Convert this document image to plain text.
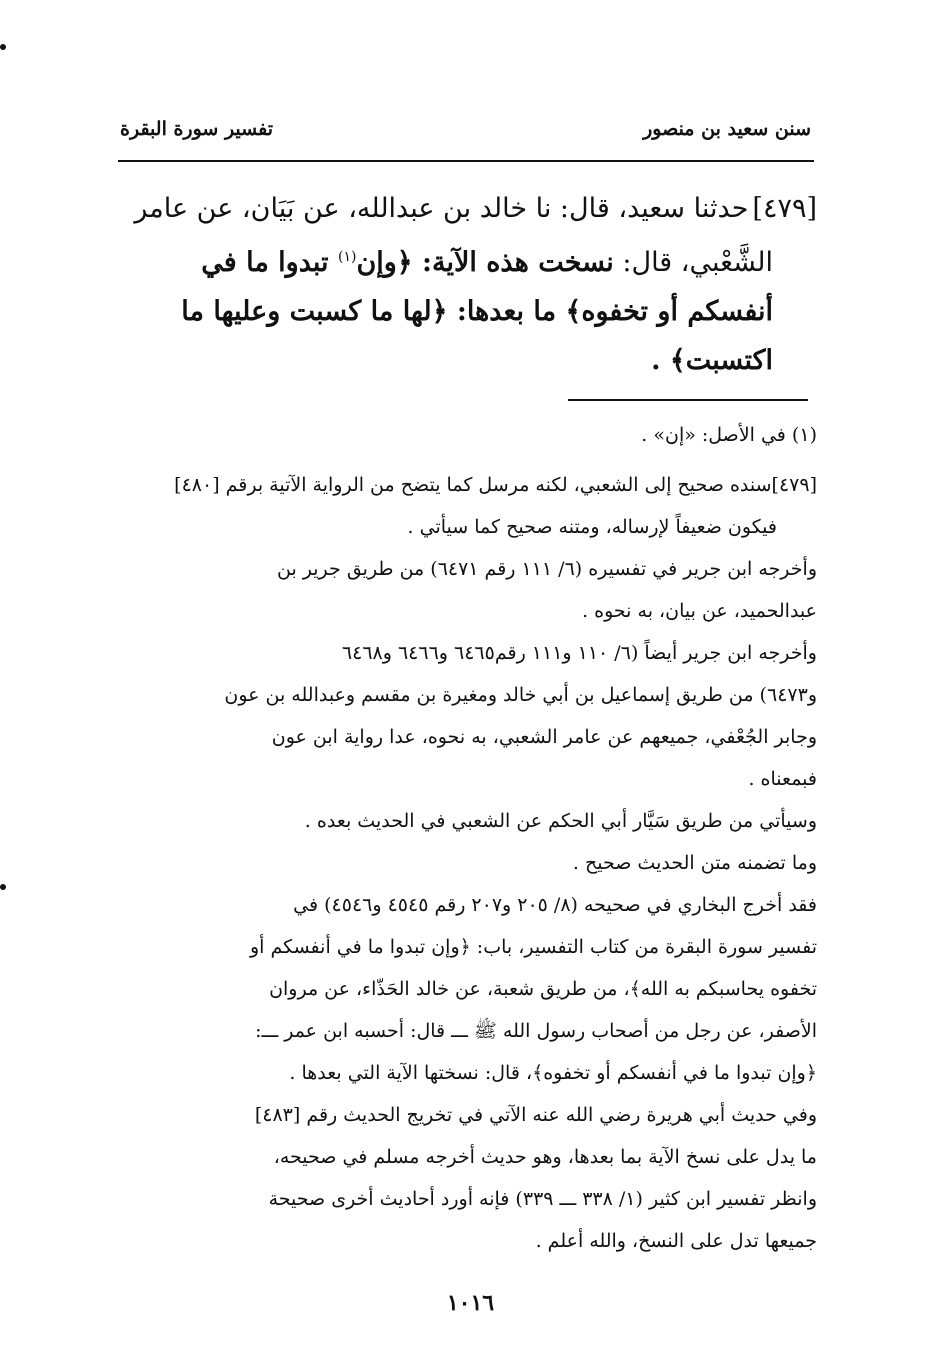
سنن سعيد بن منصور
تفسير سورة البقرة
[٤٧٩]حدثنا سعيد، قال: نا خالد بن عبدالله، عن بَيَان، عن عامر
الشَّعْبي، قال: نسخت هذه الآية: ﴿وإن$^{(١)}$ تبدوا ما في
أنفسكم أو تخفوه﴾ ما بعدها: ﴿لها ما كسبت وعليها ما
اكتسبت﴾ .
(١) في الأصل: «إن» .

[٤٧٩]سنده صحيح إلى الشعبي، لكنه مرسل كما يتضح من الرواية الآتية برقم [٤٨٠]

فيكون ضعيفاً لإرساله، ومتنه صحيح كما سيأتي .

وأخرجه ابن جرير في تفسيره (٦/ ١١١ رقم ٦٤٧١) من طريق جرير بن

عبدالحميد، عن بيان، به نحوه .

وأخرجه ابن جرير أيضاً (٦/ ١١٠ و١١١ رقم٦٤٦٥ و٦٤٦٦ و٦٤٦٨

و٦٤٧٣) من طريق إسماعيل بن أبي خالد ومغيرة بن مقسم وعبدالله بن عون

وجابر الجُعْفي، جميعهم عن عامر الشعبي، به نحوه، عدا رواية ابن عون

فبمعناه .

وسيأتي من طريق سَيَّار أبي الحكم عن الشعبي في الحديث بعده .

وما تضمنه متن الحديث صحيح .

فقد أخرج البخاري في صحيحه (٨/ ٢٠٥ و٢٠٧ رقم ٤٥٤٥ و٤٥٤٦) في

تفسير سورة البقرة من كتاب التفسير، باب: ﴿وإن تبدوا ما في أنفسكم أو

تخفوه يحاسبكم به الله﴾، من طريق شعبة، عن خالد الحَذّاء، عن مروان

الأصفر، عن رجل من أصحاب رسول الله ﷺ ـــ قال: أحسبه ابن عمر ـــ:

﴿وإن تبدوا ما في أنفسكم أو تخفوه﴾، قال: نسختها الآية التي بعدها .

وفي حديث أبي هريرة رضي الله عنه الآتي في تخريج الحديث رقم [٤٨٣]

ما يدل على نسخ الآية بما بعدها، وهو حديث أخرجه مسلم في صحيحه،

وانظر تفسير ابن كثير (١/ ٣٣٨ ـــ ٣٣٩) فإنه أورد أحاديث أخرى صحيحة

جميعها تدل على النسخ، والله أعلم .

١٠١٦
